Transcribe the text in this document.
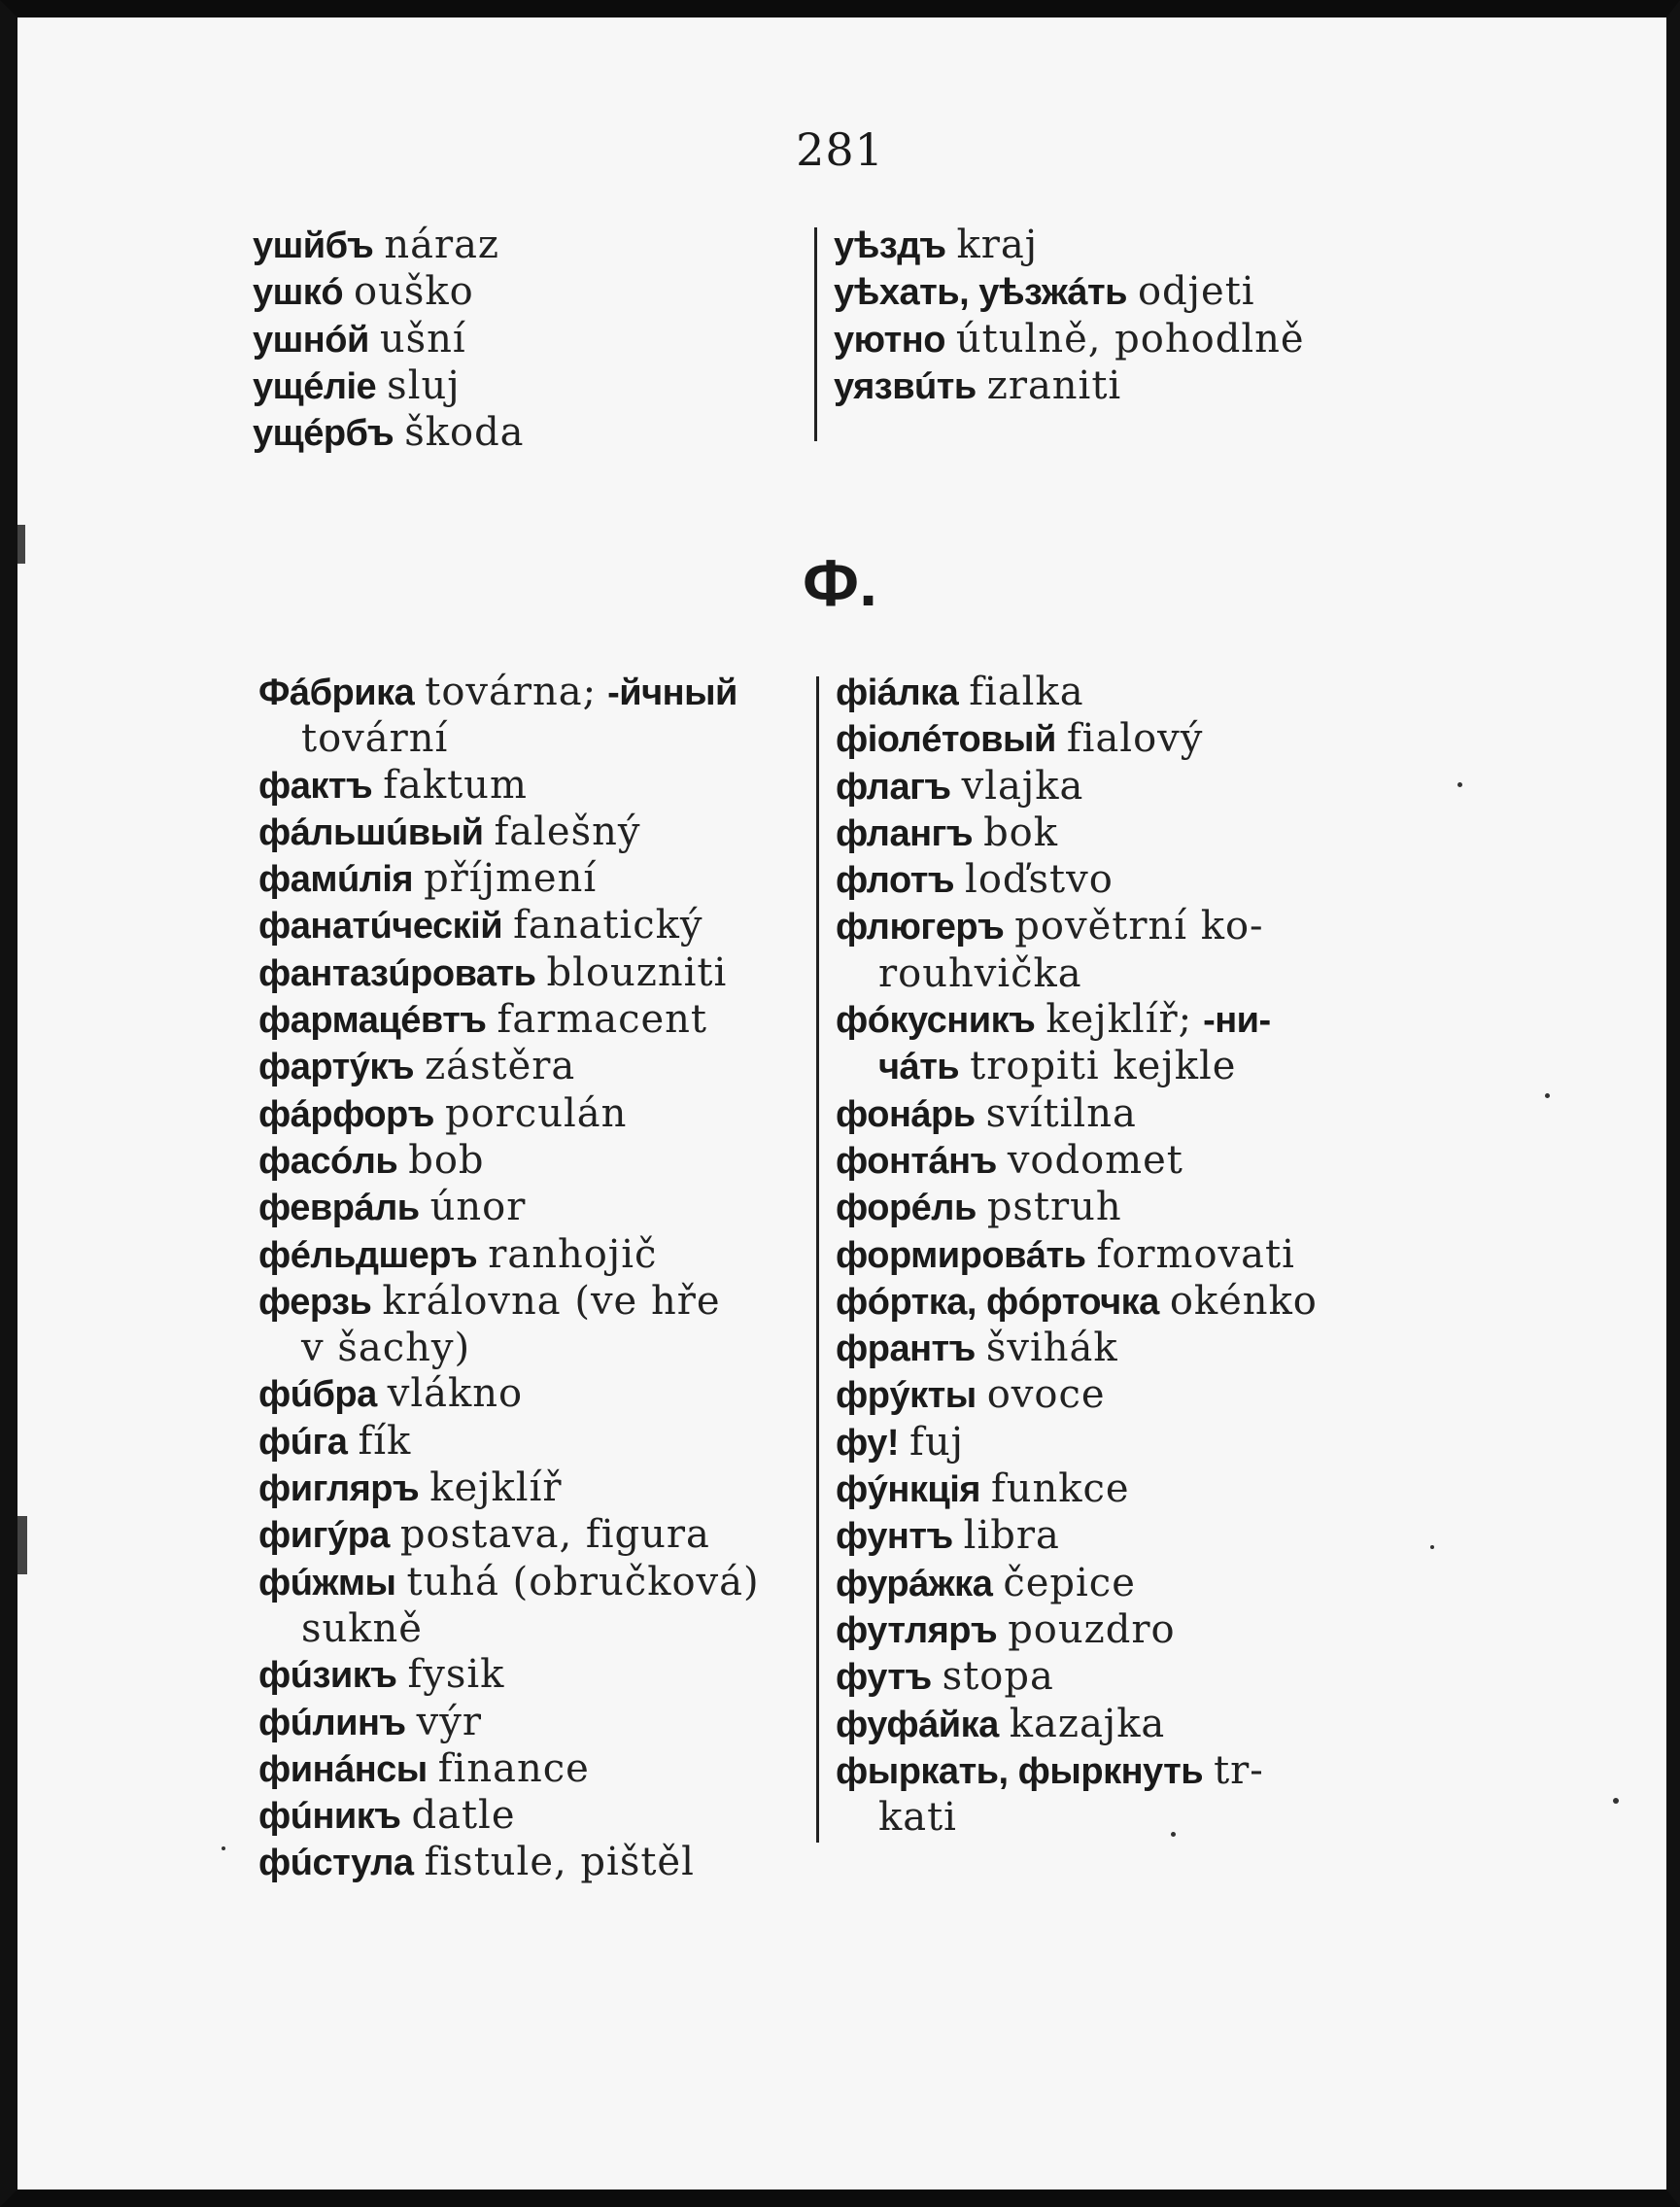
281
ушйбъ náraz
ушкó ouško
ушнóй ušní
ущéлiе sluj
ущéрбъ škoda
уѣздъ kraj
уѣхать, уѣзжáть odjeti
уютно útulně, pohodlně
уязвúть zraniti
Ф.
Фáбрика továrna; -йчный
tovární
фактъ faktum
фáльшúвый falešný
фамúлiя příjmení
фанатúческiй fanatický
фантазúровать blouzniti
фармацéвтъ farmacent
фартýкъ zástěra
фáрфоръ porculán
фасóль bob
феврáль únor
фéльдшеръ ranhojič
ферзь královna (ve hře
v šachy)
фúбра vlákno
фúга fík
фигляръ kejklíř
фигýра postava, figura
фúжмы tuhá (obručková)
sukně
фúзикъ fysik
фúлинъ výr
финáнсы finance
фúникъ datle
фúстула fistule, pištěl
фiáлка fialka
фiолéтовый fialový
флагъ vlajka
флангъ bok
флотъ loďstvo
флюгеръ povětrní ko-
rouhvička
фóкусникъ kejklíř; -ни-
чáть tropiti kejkle
фонáрь svítilna
фонтáнъ vodomet
форéль pstruh
формировáть formovati
фóртка, фóрточка okénko
франтъ švihák
фрýкты ovoce
фу! fuj
фýнкцiя funkce
фунтъ libra
фурáжка čepice
футляръ pouzdro
футъ stopa
фуфáйка kazajka
фыркать, фыркнуть tr-
kati
